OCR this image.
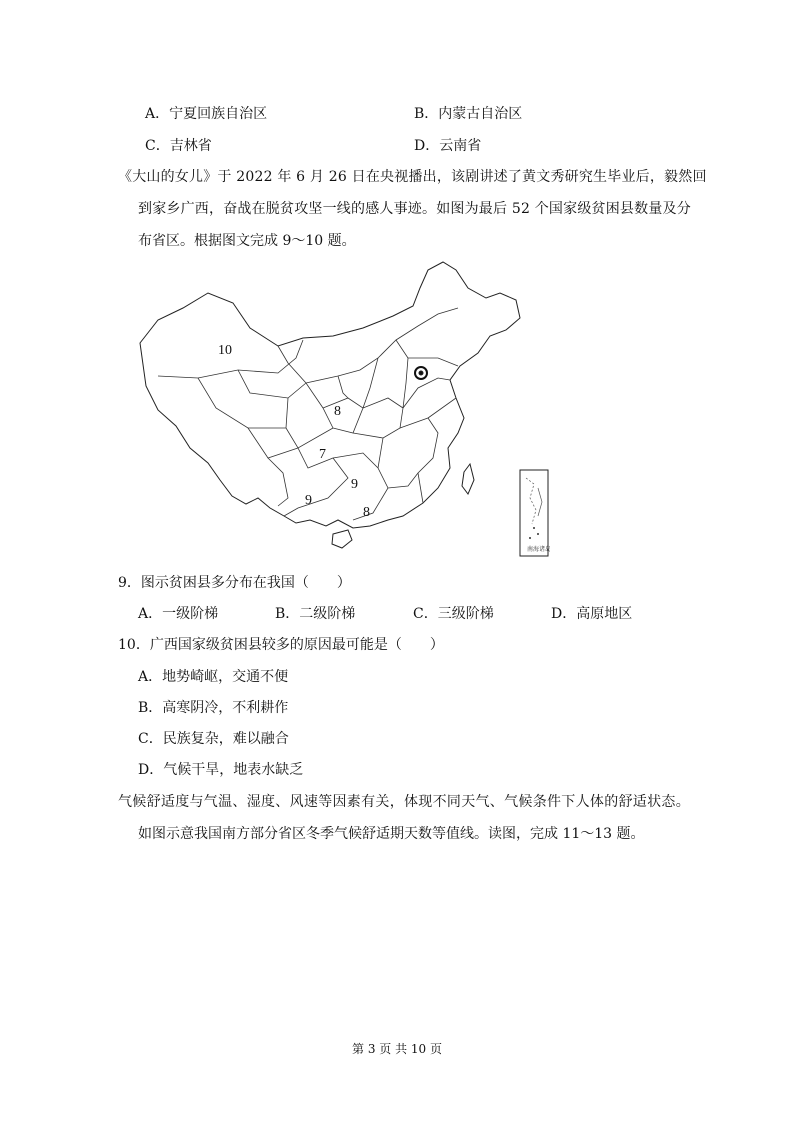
A．宁夏回族自治区	B．内蒙古自治区
C．吉林省	D．云南省
《大山的女儿》于 2022 年 6 月 26 日在央视播出，该剧讲述了黄文秀研究生毕业后，毅然回
到家乡广西，奋战在脱贫攻坚一线的感人事迹。如图为最后 52 个国家级贫困县数量及分
布省区。根据图文完成 9～10 题。
10
8
7
9
9
8
南海诸岛
9．图示贫困县多分布在我国（　　）
A．一级阶梯	B．二级阶梯	C．三级阶梯	D．高原地区
10．广西国家级贫困县较多的原因最可能是（　　）
A．地势崎岖，交通不便
B．高寒阴冷，不利耕作
C．民族复杂，难以融合
D．气候干旱，地表水缺乏
气候舒适度与气温、湿度、风速等因素有关，体现不同天气、气候条件下人体的舒适状态。
如图示意我国南方部分省区冬季气候舒适期天数等值线。读图，完成 11～13 题。
第 3 页 共 10 页
